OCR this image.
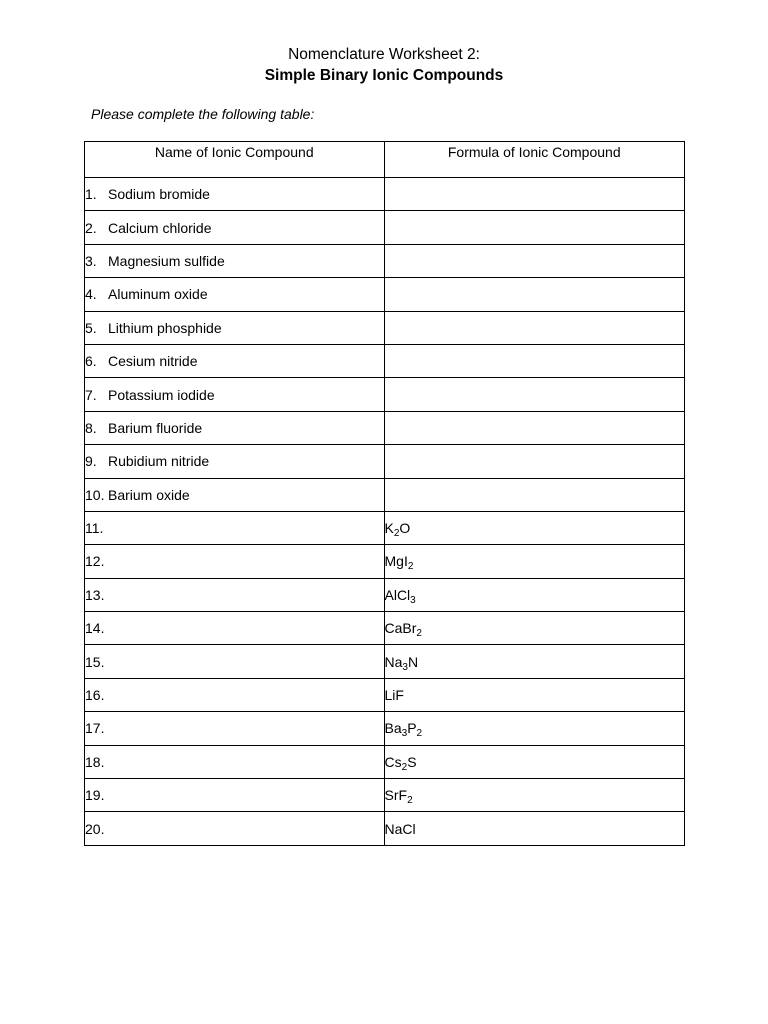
Nomenclature Worksheet 2:
Simple Binary Ionic Compounds
Please complete the following table:
Name of Ionic Compound	Formula of Ionic Compound
1. Sodium bromide	
2. Calcium chloride	
3. Magnesium sulfide	
4. Aluminum oxide	
5. Lithium phosphide	
6. Cesium nitride	
7. Potassium iodide	
8. Barium fluoride	
9. Rubidium nitride	
10. Barium oxide	
11.	$K_2O$
12.	MgI$_2$
13.	AlCl$_3$
14.	CaBr$_2$
15.	$Na_3N$
16.	LiF
17.	$Ba_3P_2$
18.	$Cs_2S$
19.	SrF$_2$
20.	NaCl
